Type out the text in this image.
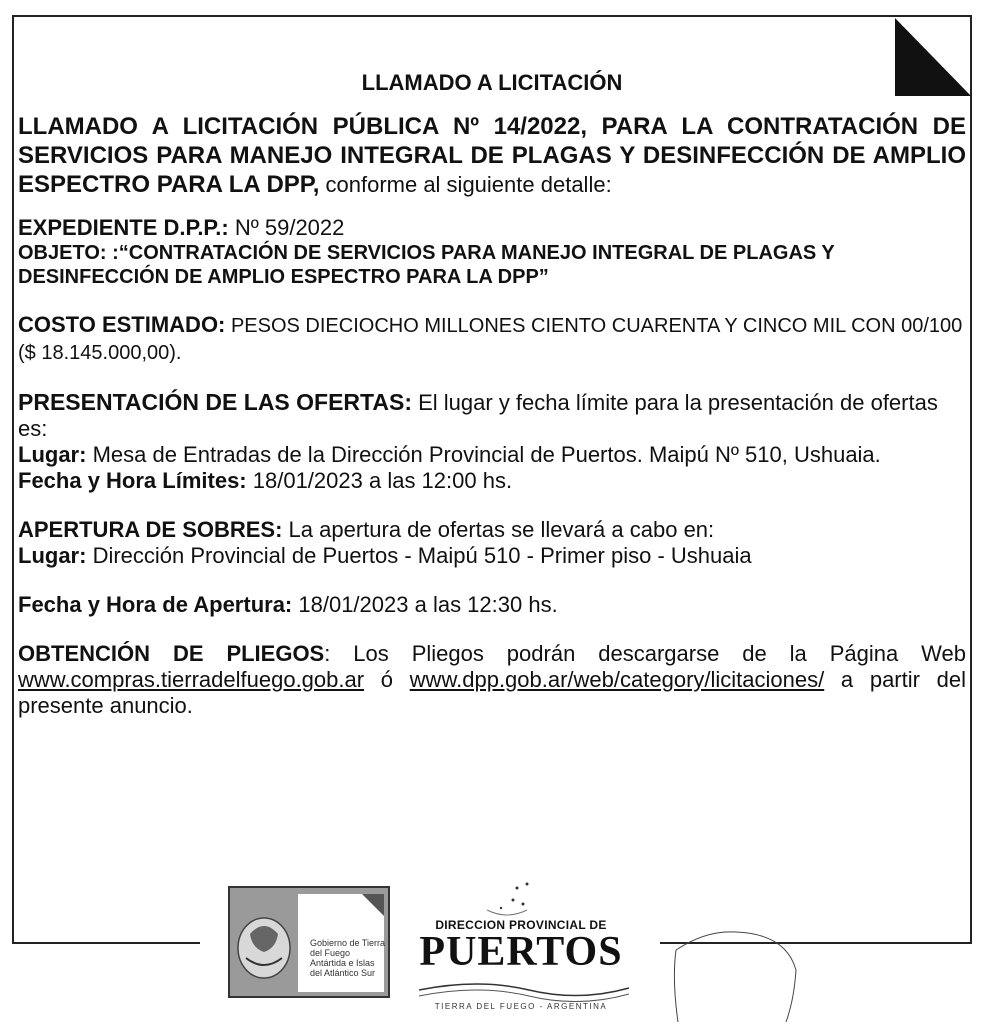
LLAMADO A LICITACIÓN

LLAMADO A LICITACIÓN PÚBLICA Nº 14/2022, PARA LA CONTRATACIÓN DE SERVICIOS PARA MANEJO INTEGRAL DE PLAGAS Y DESINFECCIÓN DE AMPLIO ESPECTRO PARA LA DPP, conforme al siguiente detalle:

EXPEDIENTE D.P.P.: Nº 59/2022

OBJETO: :“CONTRATACIÓN DE SERVICIOS PARA MANEJO INTEGRAL DE PLAGAS Y DESINFECCIÓN DE AMPLIO ESPECTRO PARA LA DPP”

COSTO ESTIMADO: PESOS DIECIOCHO MILLONES CIENTO CUARENTA Y CINCO MIL CON 00/100 ($ 18.145.000,00).

PRESENTACIÓN DE LAS OFERTAS: El lugar y fecha límite para la presentación de ofertas es:

Lugar: Mesa de Entradas de la Dirección Provincial de Puertos. Maipú Nº 510, Ushuaia.

Fecha y Hora Límites: 18/01/2023 a las 12:00 hs.

APERTURA DE SOBRES: La apertura de ofertas se llevará a cabo en:

Lugar: Dirección Provincial de Puertos - Maipú 510 - Primer piso - Ushuaia

Fecha y Hora de Apertura: 18/01/2023 a las 12:30 hs.

OBTENCIÓN DE PLIEGOS: Los Pliegos podrán descargarse de la Página Web www.compras.tierradelfuego.gob.ar ó www.dpp.gob.ar/web/category/licitaciones/ a partir del presente anuncio.

Gobierno de Tierra del Fuego Antártida e Islas del Atlántico Sur
DIRECCION PROVINCIAL DE
PUERTOS
TIERRA DEL FUEGO - ARGENTINA
